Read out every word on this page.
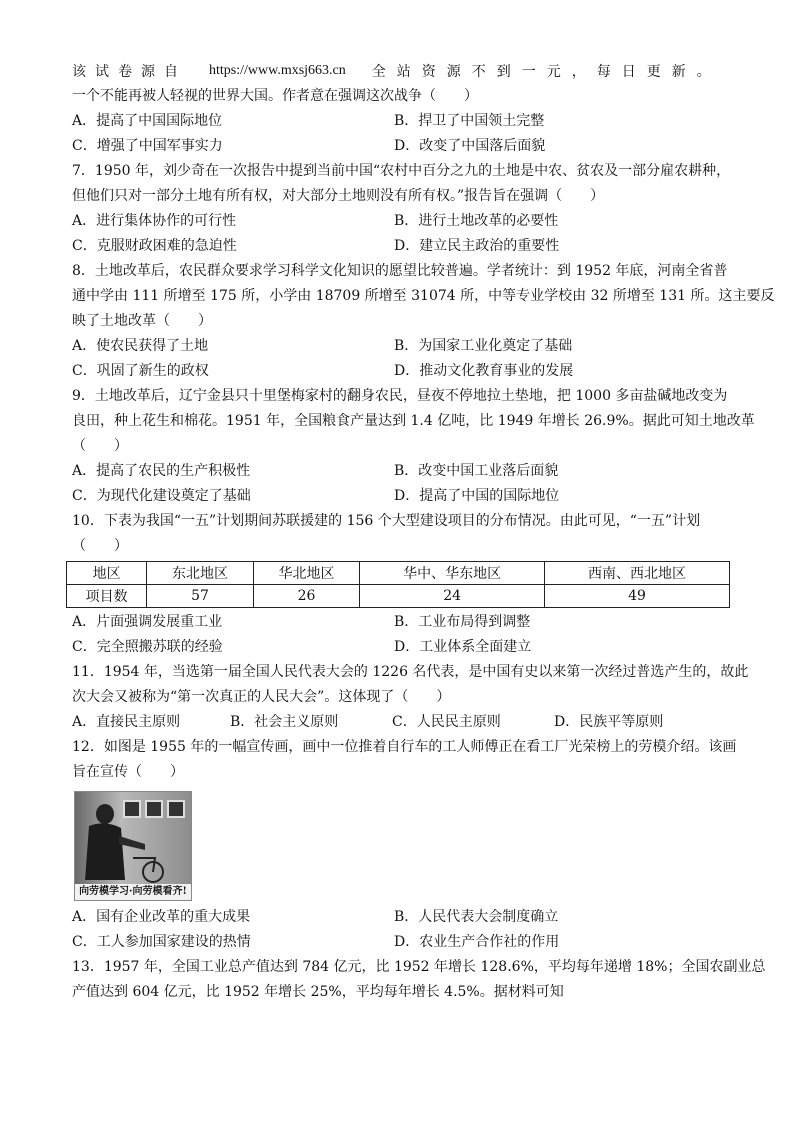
该试卷源自 https://www.mxsj663.cn 全站资源不到一元，每日更新。
一个不能再被人轻视的世界大国。作者意在强调这次战争（　　）
A．提高了中国国际地位	B．捍卫了中国领土完整
C．增强了中国军事实力	D．改变了中国落后面貌
7．1950 年，刘少奇在一次报告中提到当前中国“农村中百分之九的土地是中农、贫农及一部分雇农耕种，
但他们只对一部分土地有所有权，对大部分土地则没有所有权。”报告旨在强调（　　）
A．进行集体协作的可行性	B．进行土地改革的必要性
C．克服财政困难的急迫性	D．建立民主政治的重要性
8．土地改革后，农民群众要求学习科学文化知识的愿望比较普遍。学者统计：到 1952 年底，河南全省普
通中学由 111 所增至 175 所，小学由 18709 所增至 31074 所，中等专业学校由 32 所增至 131 所。这主要反
映了土地改革（　　）
A．使农民获得了土地	B．为国家工业化奠定了基础
C．巩固了新生的政权	D．推动文化教育事业的发展
9．土地改革后，辽宁金县只十里堡梅家村的翻身农民，昼夜不停地拉土垫地，把 1000 多亩盐碱地改变为
良田，种上花生和棉花。1951 年，全国粮食产量达到 1.4 亿吨，比 1949 年增长 26.9%。据此可知土地改革
（　　）
A．提高了农民的生产积极性	B．改变中国工业落后面貌
C．为现代化建设奠定了基础	D．提高了中国的国际地位
10．下表为我国“一五”计划期间苏联援建的 156 个大型建设项目的分布情况。由此可见，“一五”计划
（　　）
地区	东北地区	华北地区	华中、华东地区	西南、西北地区
项目数	57	26	24	49
A．片面强调发展重工业	B．工业布局得到调整
C．完全照搬苏联的经验	D．工业体系全面建立
11．1954 年，当选第一届全国人民代表大会的 1226 名代表，是中国有史以来第一次经过普选产生的，故此
次大会又被称为“第一次真正的人民大会”。这体现了（　　）
A．直接民主原则	B．社会主义原则	C．人民民主原则	D．民族平等原则
12．如图是 1955 年的一幅宣传画，画中一位推着自行车的工人师傅正在看工厂光荣榜上的劳模介绍。该画
旨在宣传（　　）
向劳模学习·向劳模看齐!
A．国有企业改革的重大成果	B．人民代表大会制度确立
C．工人参加国家建设的热情	D．农业生产合作社的作用
13．1957 年，全国工业总产值达到 784 亿元，比 1952 年增长 128.6%，平均每年递增 18%；全国农副业总
产值达到 604 亿元，比 1952 年增长 25%，平均每年增长 4.5%。据材料可知
